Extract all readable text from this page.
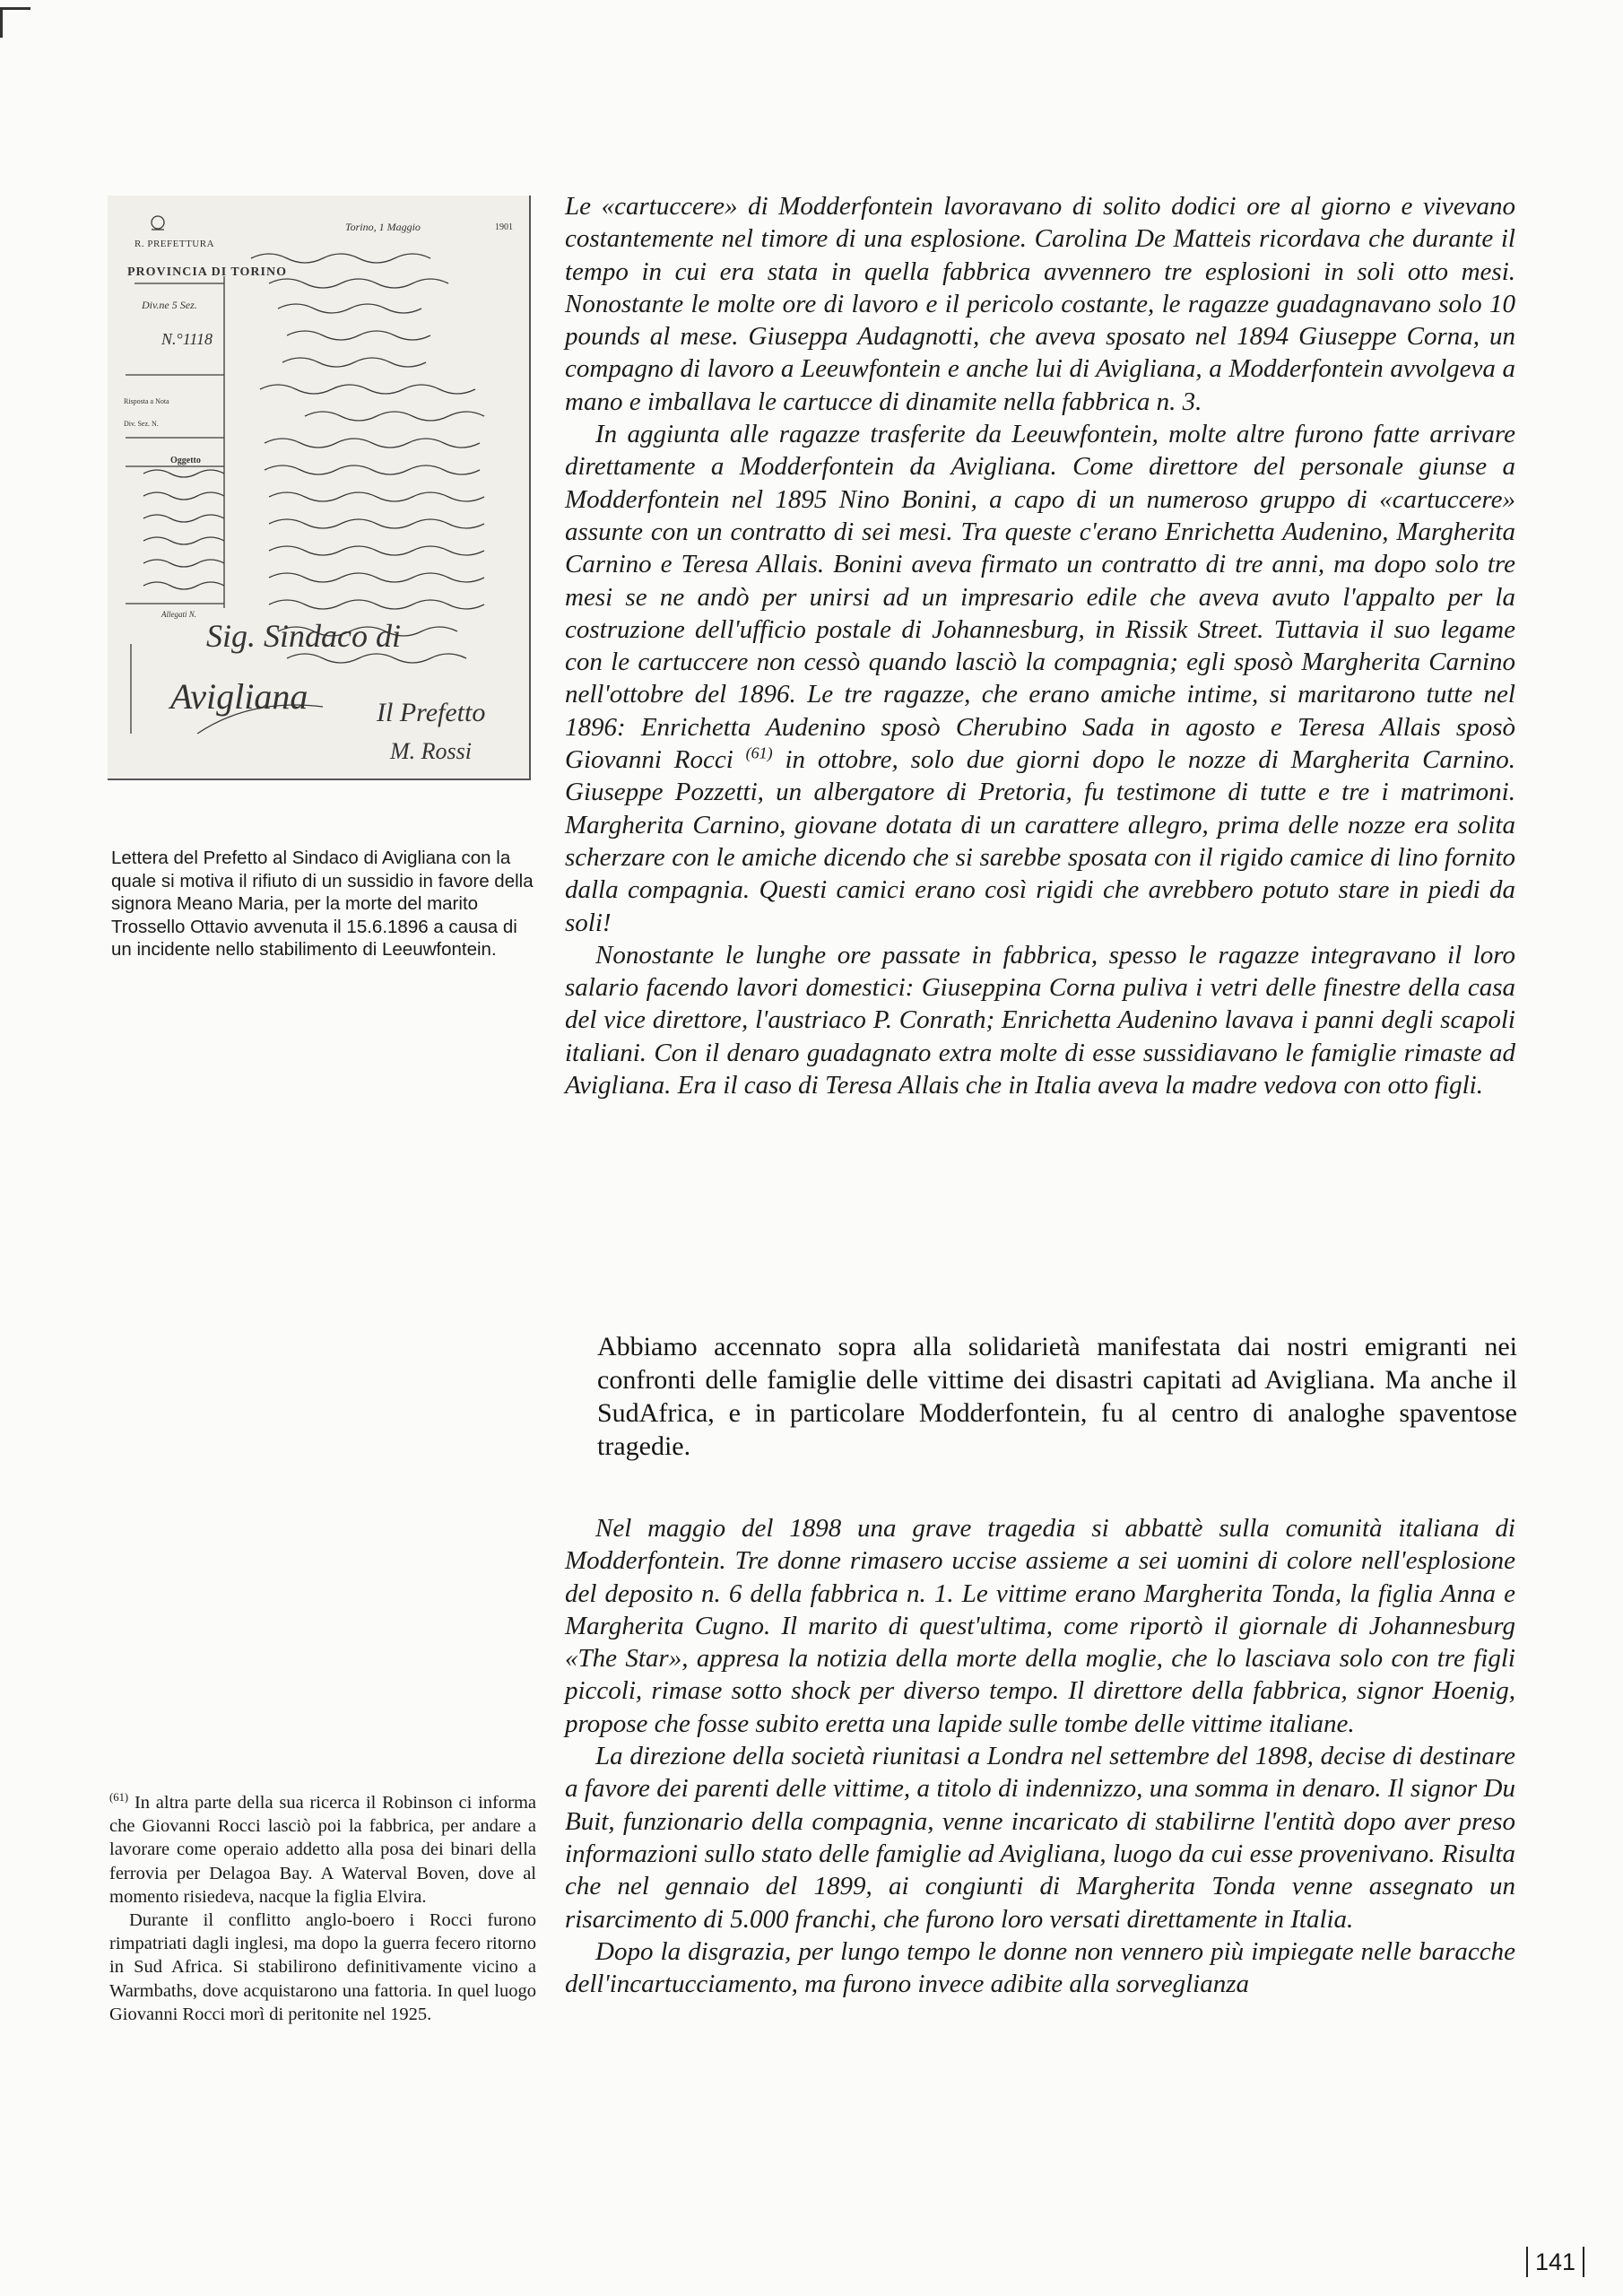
Torino, 1 Maggio	1901
R. PREFETTURA
PROVINCIA DI TORINO
Div.ne 5 Sez.
N.°1118
Risposta a Nota
Div. Sez. N.
Oggetto
Allegati N.
Sig. Sindaco di
Avigliana	Il Prefetto
M. Rossi
Lettera del Prefetto al Sindaco di Avigliana con la quale si motiva il rifiuto di un sussidio in favore della signora Meano Maria, per la morte del marito Trossello Ottavio avvenuta il 15.6.1896 a causa di un incidente nello stabilimento di Leeuwfontein.

Le «cartuccere» di Modderfontein lavoravano di solito dodici ore al giorno e vivevano costantemente nel timore di una esplosione. Carolina De Matteis ricordava che durante il tempo in cui era stata in quella fabbrica avvennero tre esplosioni in soli otto mesi. Nonostante le molte ore di lavoro e il pericolo costante, le ragazze guadagnavano solo 10 pounds al mese. Giuseppa Audagnotti, che aveva sposato nel 1894 Giuseppe Corna, un compagno di lavoro a Leeuwfontein e anche lui di Avigliana, a Modderfontein avvolgeva a mano e imballava le cartucce di dinamite nella fabbrica n. 3.

In aggiunta alle ragazze trasferite da Leeuwfontein, molte altre furono fatte arrivare direttamente a Modderfontein da Avigliana. Come direttore del personale giunse a Modderfontein nel 1895 Nino Bonini, a capo di un numeroso gruppo di «cartuccere» assunte con un contratto di sei mesi. Tra queste c'erano Enrichetta Audenino, Margherita Carnino e Teresa Allais. Bonini aveva firmato un contratto di tre anni, ma dopo solo tre mesi se ne andò per unirsi ad un impresario edile che aveva avuto l'appalto per la costruzione dell'ufficio postale di Johannesburg, in Rissik Street. Tuttavia il suo legame con le cartuccere non cessò quando lasciò la compagnia; egli sposò Margherita Carnino nell'ottobre del 1896. Le tre ragazze, che erano amiche intime, si maritarono tutte nel 1896: Enrichetta Audenino sposò Cherubino Sada in agosto e Teresa Allais sposò Giovanni Rocci $^{(61)}$ in ottobre, solo due giorni dopo le nozze di Margherita Carnino. Giuseppe Pozzetti, un albergatore di Pretoria, fu testimone di tutte e tre i matrimoni. Margherita Carnino, giovane dotata di un carattere allegro, prima delle nozze era solita scherzare con le amiche dicendo che si sarebbe sposata con il rigido camice di lino fornito dalla compagnia. Questi camici erano così rigidi che avrebbero potuto stare in piedi da soli!

Nonostante le lunghe ore passate in fabbrica, spesso le ragazze integravano il loro salario facendo lavori domestici: Giuseppina Corna puliva i vetri delle finestre della casa del vice direttore, l'austriaco P. Conrath; Enrichetta Audenino lavava i panni degli scapoli italiani. Con il denaro guadagnato extra molte di esse sussidiavano le famiglie rimaste ad Avigliana. Era il caso di Teresa Allais che in Italia aveva la madre vedova con otto figli.

Abbiamo accennato sopra alla solidarietà manifestata dai nostri emigranti nei confronti delle famiglie delle vittime dei disastri capitati ad Avigliana. Ma anche il SudAfrica, e in particolare Modderfontein, fu al centro di analoghe spaventose tragedie.

Nel maggio del 1898 una grave tragedia si abbattè sulla comunità italiana di Modderfontein. Tre donne rimasero uccise assieme a sei uomini di colore nell'esplosione del deposito n. 6 della fabbrica n. 1. Le vittime erano Margherita Tonda, la figlia Anna e Margherita Cugno. Il marito di quest'ultima, come riportò il giornale di Johannesburg «The Star», appresa la notizia della morte della moglie, che lo lasciava solo con tre figli piccoli, rimase sotto shock per diverso tempo. Il direttore della fabbrica, signor Hoenig, propose che fosse subito eretta una lapide sulle tombe delle vittime italiane.

La direzione della società riunitasi a Londra nel settembre del 1898, decise di destinare a favore dei parenti delle vittime, a titolo di indennizzo, una somma in denaro. Il signor Du Buit, funzionario della compagnia, venne incaricato di stabilirne l'entità dopo aver preso informazioni sullo stato delle famiglie ad Avigliana, luogo da cui esse provenivano. Risulta che nel gennaio del 1899, ai congiunti di Margherita Tonda venne assegnato un risarcimento di 5.000 franchi, che furono loro versati direttamente in Italia.

Dopo la disgrazia, per lungo tempo le donne non vennero più impiegate nelle baracche dell'incartucciamento, ma furono invece adibite alla sorveglianza

$^{(61)}$ In altra parte della sua ricerca il Robinson ci informa che Giovanni Rocci lasciò poi la fabbrica, per andare a lavorare come operaio addetto alla posa dei binari della ferrovia per Delagoa Bay. A Waterval Boven, dove al momento risiedeva, nacque la figlia Elvira.

Durante il conflitto anglo-boero i Rocci furono rimpatriati dagli inglesi, ma dopo la guerra fecero ritorno in Sud Africa. Si stabilirono definitivamente vicino a Warmbaths, dove acquistarono una fattoria. In quel luogo Giovanni Rocci morì di peritonite nel 1925.

141
